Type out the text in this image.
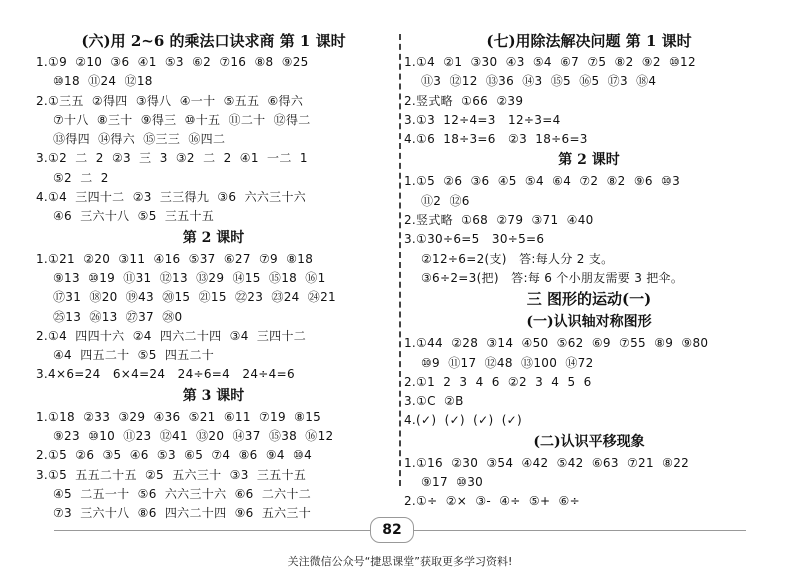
(六)用 2~6 的乘法口诀求商 第 1 课时
1.①9  ②10  ③6  ④1  ⑤3  ⑥2  ⑦16  ⑧8  ⑨25
⑩18  ⑪24  ⑫18
2.①三五  ②得四  ③得八  ④一十  ⑤五五  ⑥得六
⑦十八  ⑧三十  ⑨得三  ⑩十五  ⑪二十  ⑫得二
⑬得四  ⑭得六  ⑮三三  ⑯四二
3.①2  二  2  ②3  三  3  ③2  二  2  ④1  一二  1
⑤2  二  2
4.①4  三四十二  ②3  三三得九  ③6  六六三十六
④6  三六十八  ⑤5  三五十五
第 2 课时
1.①21  ②20  ③11  ④16  ⑤37  ⑥27  ⑦9  ⑧18
⑨13  ⑩19  ⑪31  ⑫13  ⑬29  ⑭15  ⑮18  ⑯1
⑰31  ⑱20  ⑲43  ⑳15  ㉑15  ㉒23  ㉓24  ㉔21
㉕13  ㉖13  ㉗37  ㉘0
2.①4  四四十六  ②4  四六二十四  ③4  三四十二
④4  四五二十  ⑤5  四五二十
3.4×6=24   6×4=24   24÷6=4   24÷4=6
第 3 课时
1.①18  ②33  ③29  ④36  ⑤21  ⑥11  ⑦19  ⑧15
⑨23  ⑩10  ⑪23  ⑫41  ⑬20  ⑭37  ⑮38  ⑯12
2.①5  ②6  ③5  ④6  ⑤3  ⑥5  ⑦4  ⑧6  ⑨4  ⑩4
3.①5  五五二十五  ②5  五六三十  ③3  三五十五
④5  二五一十  ⑤6  六六三十六  ⑥6  二六十二
⑦3  三六十八  ⑧6  四六二十四  ⑨6  五六三十
(七)用除法解决问题 第 1 课时
1.①4  ②1  ③30  ④3  ⑤4  ⑥7  ⑦5  ⑧2  ⑨2  ⑩12
⑪3  ⑫12  ⑬36  ⑭3  ⑮5  ⑯5  ⑰3  ⑱4
2.竖式略  ①66  ②39
3.①3  12÷4=3   12÷3=4
4.①6  18÷3=6   ②3  18÷6=3
第 2 课时
1.①5  ②6  ③6  ④5  ⑤4  ⑥4  ⑦2  ⑧2  ⑨6  ⑩3
⑪2  ⑫6
2.竖式略  ①68  ②79  ③71  ④40
3.①30÷6=5   30÷5=6
②12÷6=2(支)   答:每人分 2 支。
③6÷2=3(把)   答:每 6 个小朋友需要 3 把伞。
三 图形的运动(一)
(一)认识轴对称图形
1.①44  ②28  ③14  ④50  ⑤62  ⑥9  ⑦55  ⑧9  ⑨80
⑩9  ⑪17  ⑫48  ⑬100  ⑭72
2.①1  2  3  4  6  ②2  3  4  5  6
3.①C  ②B
4.(✓)  (✓)  (✓)  (✓)
(二)认识平移现象
1.①16  ②30  ③54  ④42  ⑤42  ⑥63  ⑦21  ⑧22
⑨17  ⑩30
2.①÷  ②×  ③-  ④÷  ⑤+  ⑥÷
82
关注微信公众号“捷思课堂”获取更多学习资料!
